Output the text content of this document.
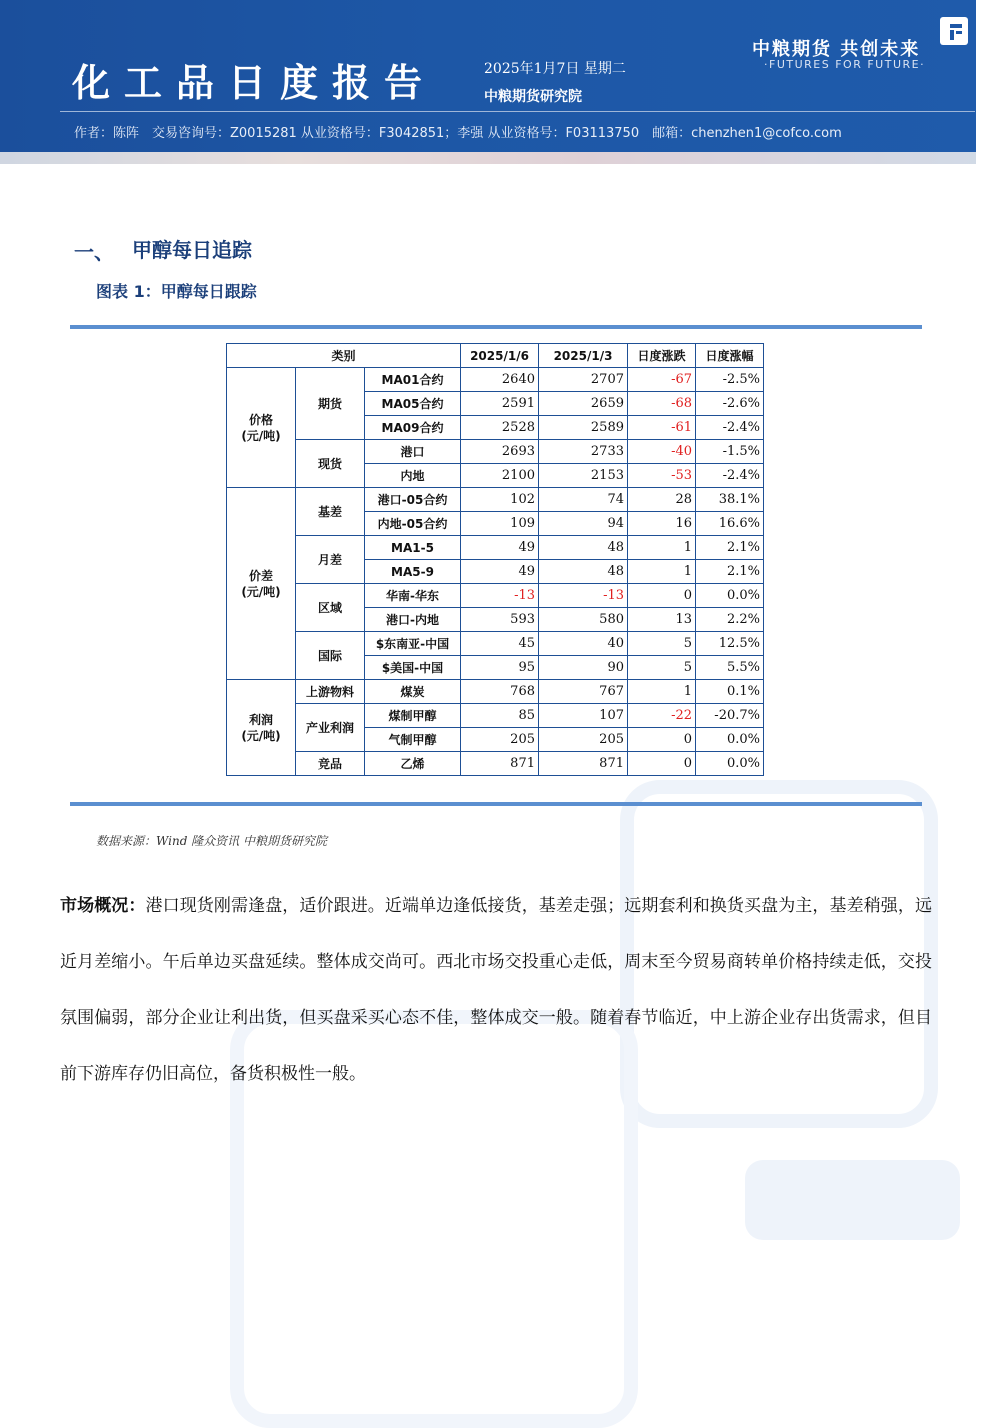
化工品日度报告	2025年1月7日 星期二
中粮期货研究院
作者：陈阵　交易咨询号：Z0015281 从业资格号：F3042851；李强 从业资格号：F03113750　邮箱：chenzhen1@cofco.com
中粮期货 共创未来
·FUTURES FOR FUTURE·
一、 甲醇每日追踪
图表 1：甲醇每日跟踪
类别			2025/1/6	2025/1/3	日度涨跌	日度涨幅
价格
(元/吨)	期货	MA01合约	2640	2707	-67	-2.5%
		MA05合约	2591	2659	-68	-2.6%
		MA09合约	2528	2589	-61	-2.4%
	现货	港口	2693	2733	-40	-1.5%
		内地	2100	2153	-53	-2.4%
价差
(元/吨)	基差	港口-05合约	102	74	28	38.1%
		内地-05合约	109	94	16	16.6%
	月差	MA1-5	49	48	1	2.1%
		MA5-9	49	48	1	2.1%
	区域	华南-华东	-13	-13	0	0.0%
		港口-内地	593	580	13	2.2%
	国际	$东南亚-中国	45	40	5	12.5%
		$美国-中国	95	90	5	5.5%
利润
(元/吨)	上游物料	煤炭	768	767	1	0.1%
	产业利润	煤制甲醇	85	107	-22	-20.7%
		气制甲醇	205	205	0	0.0%
	竞品	乙烯	871	871	0	0.0%
数据来源：Wind 隆众资讯 中粮期货研究院
市场概况：港口现货刚需逢盘，适价跟进。近端单边逢低接货，基差走强；远期套利和换货买盘为主，基差稍强，远近月差缩小。午后单边买盘延续。整体成交尚可。西北市场交投重心走低，周末至今贸易商转单价格持续走低，交投氛围偏弱，部分企业让利出货，但买盘采买心态不佳，整体成交一般。随着春节临近，中上游企业存出货需求，但目前下游库存仍旧高位，备货积极性一般。
